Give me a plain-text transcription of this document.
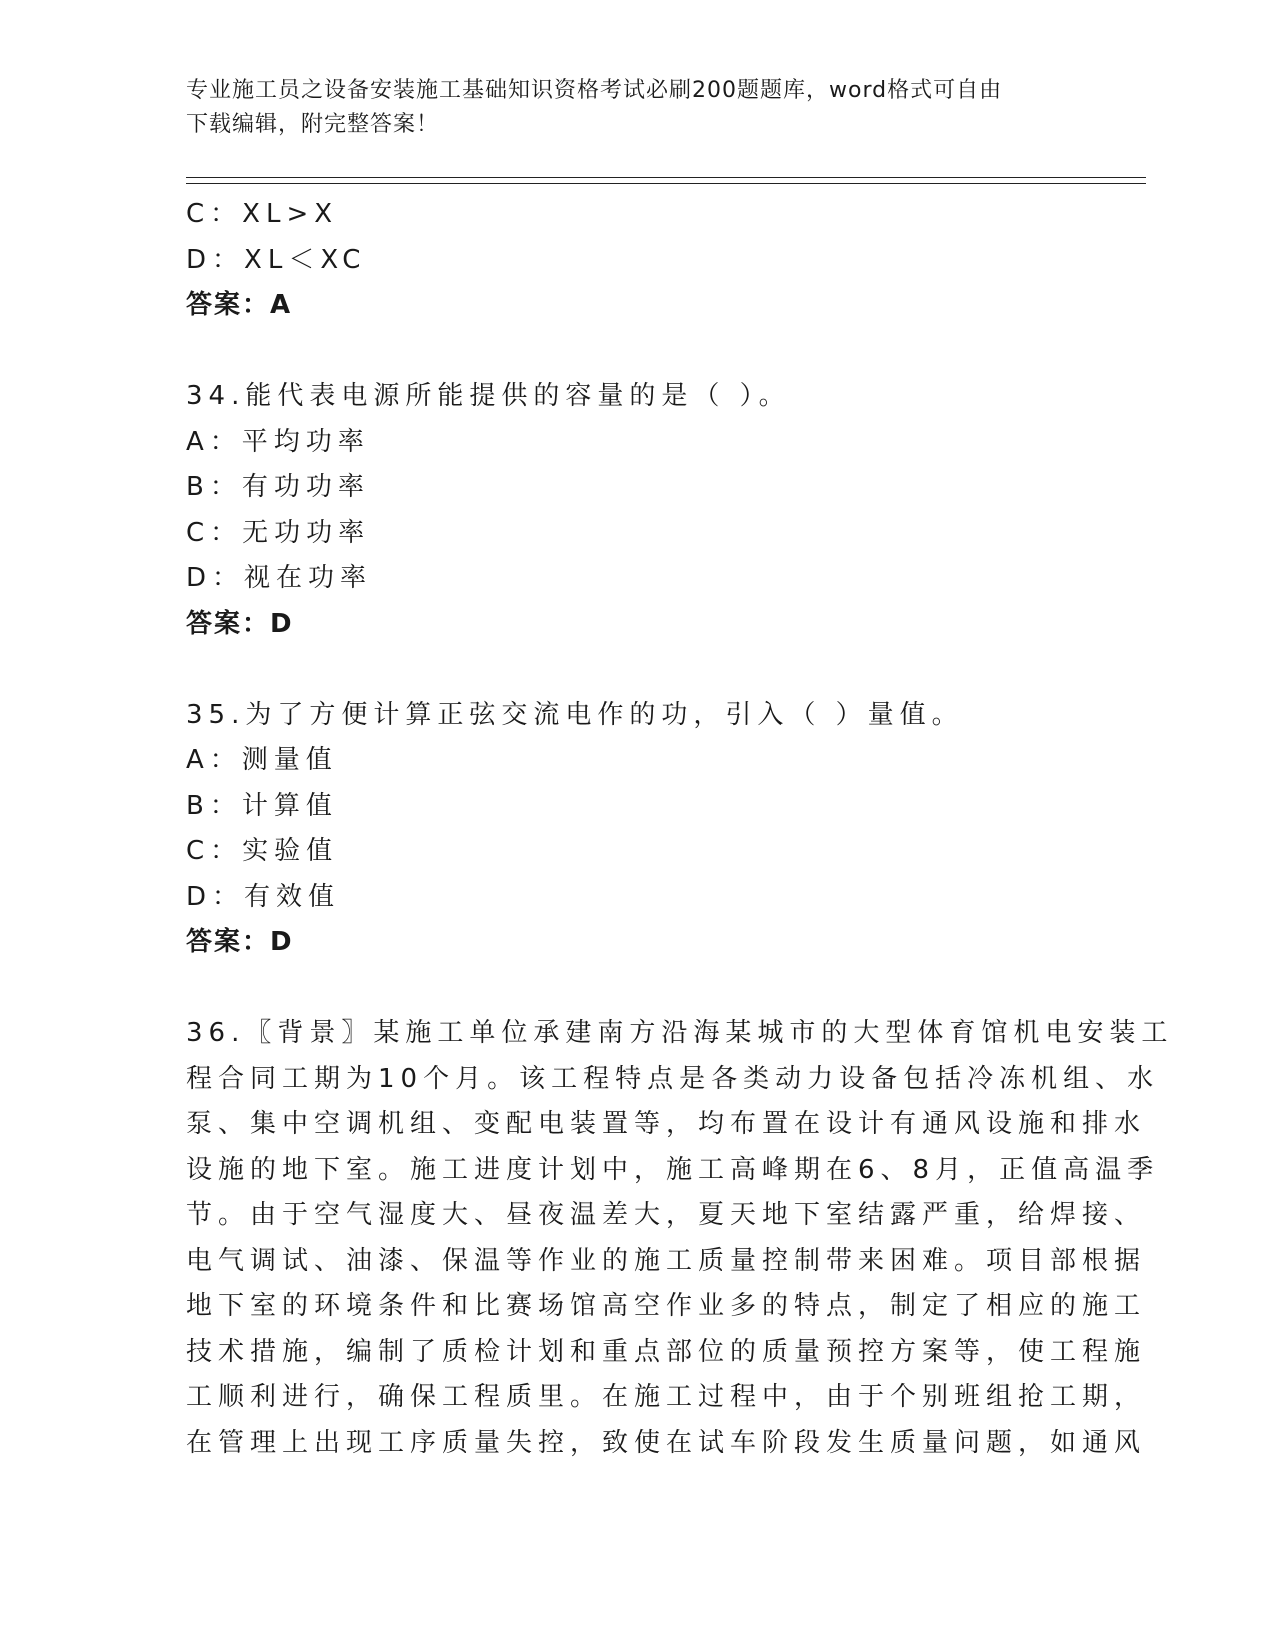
专业施工员之设备安装施工基础知识资格考试必刷200题题库，word格式可自由
下载编辑，附完整答案！
C：XL>X
D：XL＜XC
答案：A
34.能代表电源所能提供的容量的是（ ）。
A：平均功率
B：有功功率
C：无功功率
D：视在功率
答案：D
35.为了方便计算正弦交流电作的功，引入（ ）量值。
A：测量值
B：计算值
C：实验值
D：有效值
答案：D
36.〖背景〗某施工单位承建南方沿海某城市的大型体育馆机电安装工
程合同工期为10个月。该工程特点是各类动力设备包括冷冻机组、水
泵、集中空调机组、变配电装置等，均布置在设计有通风设施和排水
设施的地下室。施工进度计划中，施工高峰期在6、8月，正值高温季
节。由于空气湿度大、昼夜温差大，夏天地下室结露严重，给焊接、
电气调试、油漆、保温等作业的施工质量控制带来困难。项目部根据
地下室的环境条件和比赛场馆高空作业多的特点，制定了相应的施工
技术措施，编制了质检计划和重点部位的质量预控方案等，使工程施
工顺利进行，确保工程质里。在施工过程中，由于个别班组抢工期，
在管理上出现工序质量失控，致使在试车阶段发生质量问题，如通风
